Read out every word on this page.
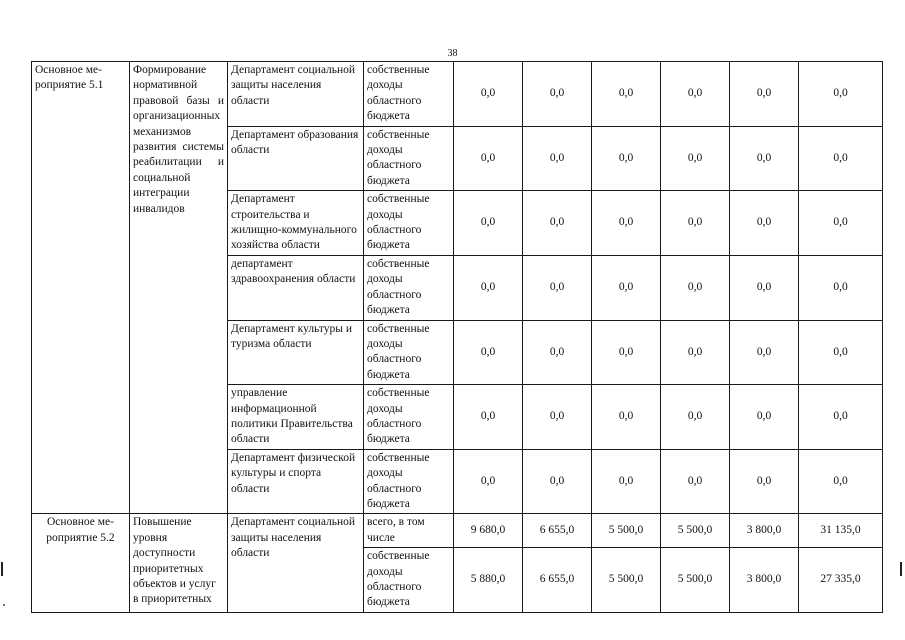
38
Основное ме-роприятие 5.1	Формирование нормативной правовой базы и организационных механизмов развития системы реабилитации и социальной интеграции инвалидов	Департамент социальной защиты населения области	собственные доходы областного бюджета	0,0	0,0	0,0	0,0	0,0	0,0
		Департамент образования области	собственные доходы областного бюджета	0,0	0,0	0,0	0,0	0,0	0,0
		Департамент строительства и жилищно-коммунального хозяйства области	собственные доходы областного бюджета	0,0	0,0	0,0	0,0	0,0	0,0
		департамент здравоохранения области	собственные доходы областного бюджета	0,0	0,0	0,0	0,0	0,0	0,0
		Департамент культуры и туризма области	собственные доходы областного бюджета	0,0	0,0	0,0	0,0	0,0	0,0
		управление информационной политики Правительства области	собственные доходы областного бюджета	0,0	0,0	0,0	0,0	0,0	0,0
		Департамент физической культуры и спорта области	собственные доходы областного бюджета	0,0	0,0	0,0	0,0	0,0	0,0
Основное ме-роприятие 5.2	Повышение уровня доступности приоритетных объектов и услуг в приоритетных	Департамент социальной защиты населения области	всего, в том числе	9 680,0	6 655,0	5 500,0	5 500,0	3 800,0	31 135,0
			собственные доходы областного бюджета	5 880,0	6 655,0	5 500,0	5 500,0	3 800,0	27 335,0
